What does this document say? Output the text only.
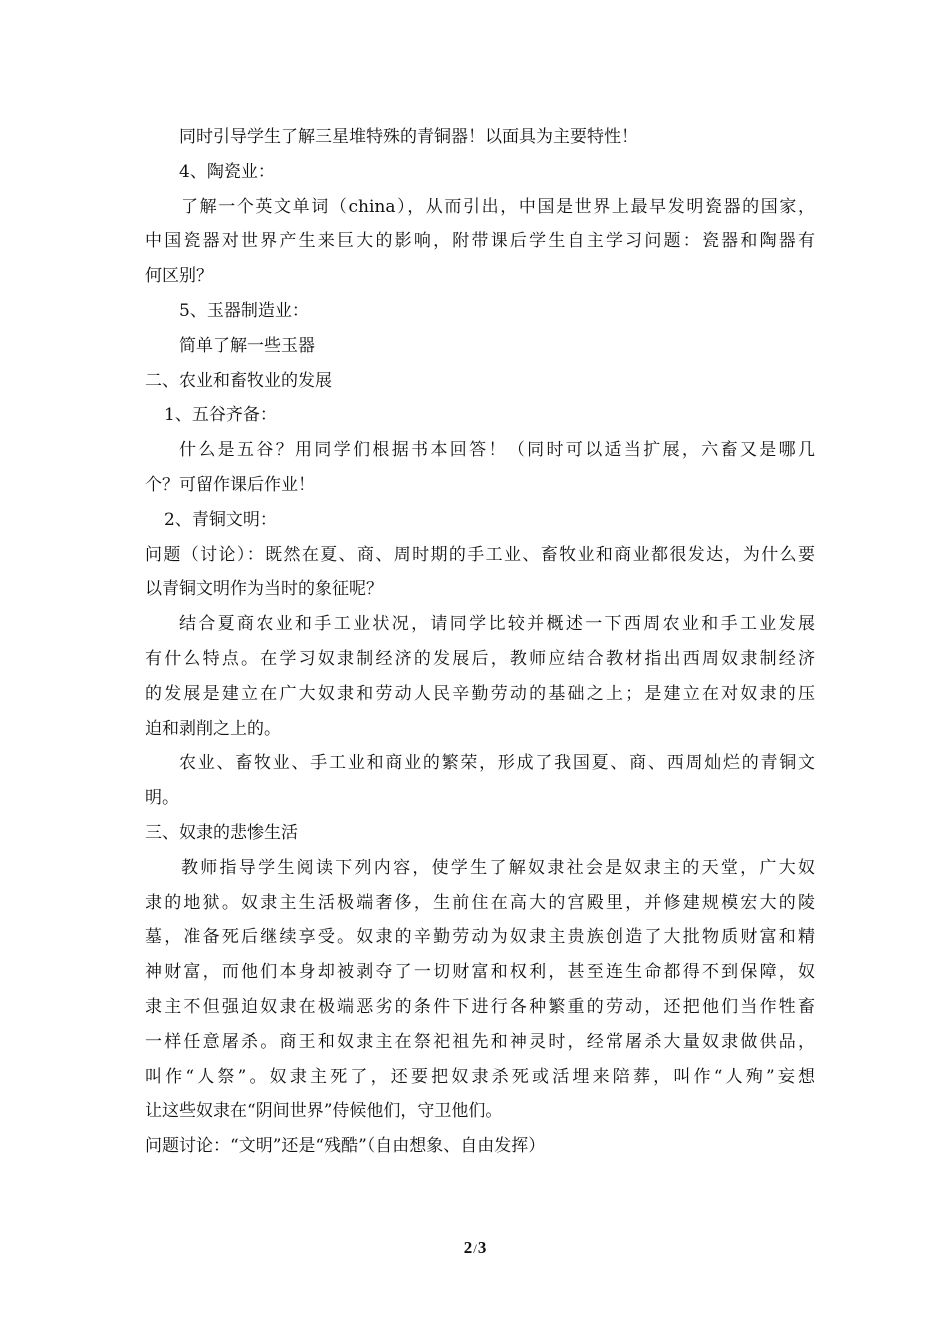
同时引导学生了解三星堆特殊的青铜器！以面具为主要特性！
4、陶瓷业：
了解一个英文单词（china），从而引出，中国是世界上最早发明瓷器的国家，
中国瓷器对世界产生来巨大的影响，附带课后学生自主学习问题：瓷器和陶器有
何区别？
5、玉器制造业：
简单了解一些玉器
二、农业和畜牧业的发展
1、五谷齐备：
什么是五谷？用同学们根据书本回答！（同时可以适当扩展，六畜又是哪几
个？可留作课后作业！
2、青铜文明：
问题（讨论）：既然在夏、商、周时期的手工业、畜牧业和商业都很发达，为什么要
以青铜文明作为当时的象征呢？
结合夏商农业和手工业状况，请同学比较并概述一下西周农业和手工业发展
有什么特点。在学习奴隶制经济的发展后，教师应结合教材指出西周奴隶制经济
的发展是建立在广大奴隶和劳动人民辛勤劳动的基础之上；是建立在对奴隶的压
迫和剥削之上的。
农业、畜牧业、手工业和商业的繁荣，形成了我国夏、商、西周灿烂的青铜文
明。
三、奴隶的悲惨生活
教师指导学生阅读下列内容，使学生了解奴隶社会是奴隶主的天堂，广大奴
隶的地狱。奴隶主生活极端奢侈，生前住在高大的宫殿里，并修建规模宏大的陵
墓，准备死后继续享受。奴隶的辛勤劳动为奴隶主贵族创造了大批物质财富和精
神财富，而他们本身却被剥夺了一切财富和权利，甚至连生命都得不到保障，奴
隶主不但强迫奴隶在极端恶劣的条件下进行各种繁重的劳动，还把他们当作牲畜
一样任意屠杀。商王和奴隶主在祭祀祖先和神灵时，经常屠杀大量奴隶做供品，
叫作“人祭”。奴隶主死了，还要把奴隶杀死或活埋来陪葬，叫作“人殉”妄想
让这些奴隶在“阴间世界”侍候他们，守卫他们。
问题讨论：“文明”还是“残酷”（自由想象、自由发挥）
2/3
